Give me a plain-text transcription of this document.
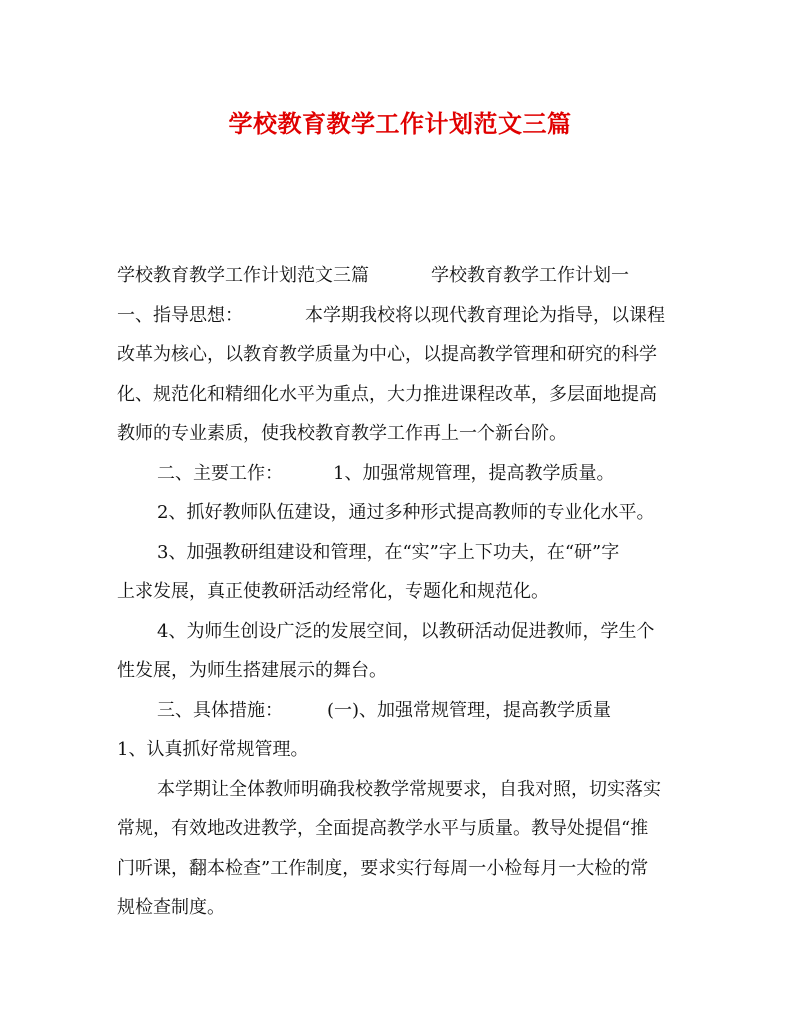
学校教育教学工作计划范文三篇
学校教育教学工作计划范文三篇	学校教育教学工作计划一
一、指导思想：	本学期我校将以现代教育理论为指导，以课程
改革为核心，以教育教学质量为中心，以提高教学管理和研究的科学
化、规范化和精细化水平为重点，大力推进课程改革，多层面地提高
教师的专业素质，使我校教育教学工作再上一个新台阶。
二、主要工作：	1、加强常规管理，提高教学质量。
2、抓好教师队伍建设，通过多种形式提高教师的专业化水平。
3、加强教研组建设和管理，在“实”字上下功夫，在“研”字
上求发展，真正使教研活动经常化，专题化和规范化。
4、为师生创设广泛的发展空间，以教研活动促进教师，学生个
性发展，为师生搭建展示的舞台。
三、具体措施： (一)、加强常规管理，提高教学质量
1、认真抓好常规管理。
本学期让全体教师明确我校教学常规要求，自我对照，切实落实
常规，有效地改进教学，全面提高教学水平与质量。教导处提倡“推
门听课，翻本检查”工作制度，要求实行每周一小检每月一大检的常
规检查制度。
